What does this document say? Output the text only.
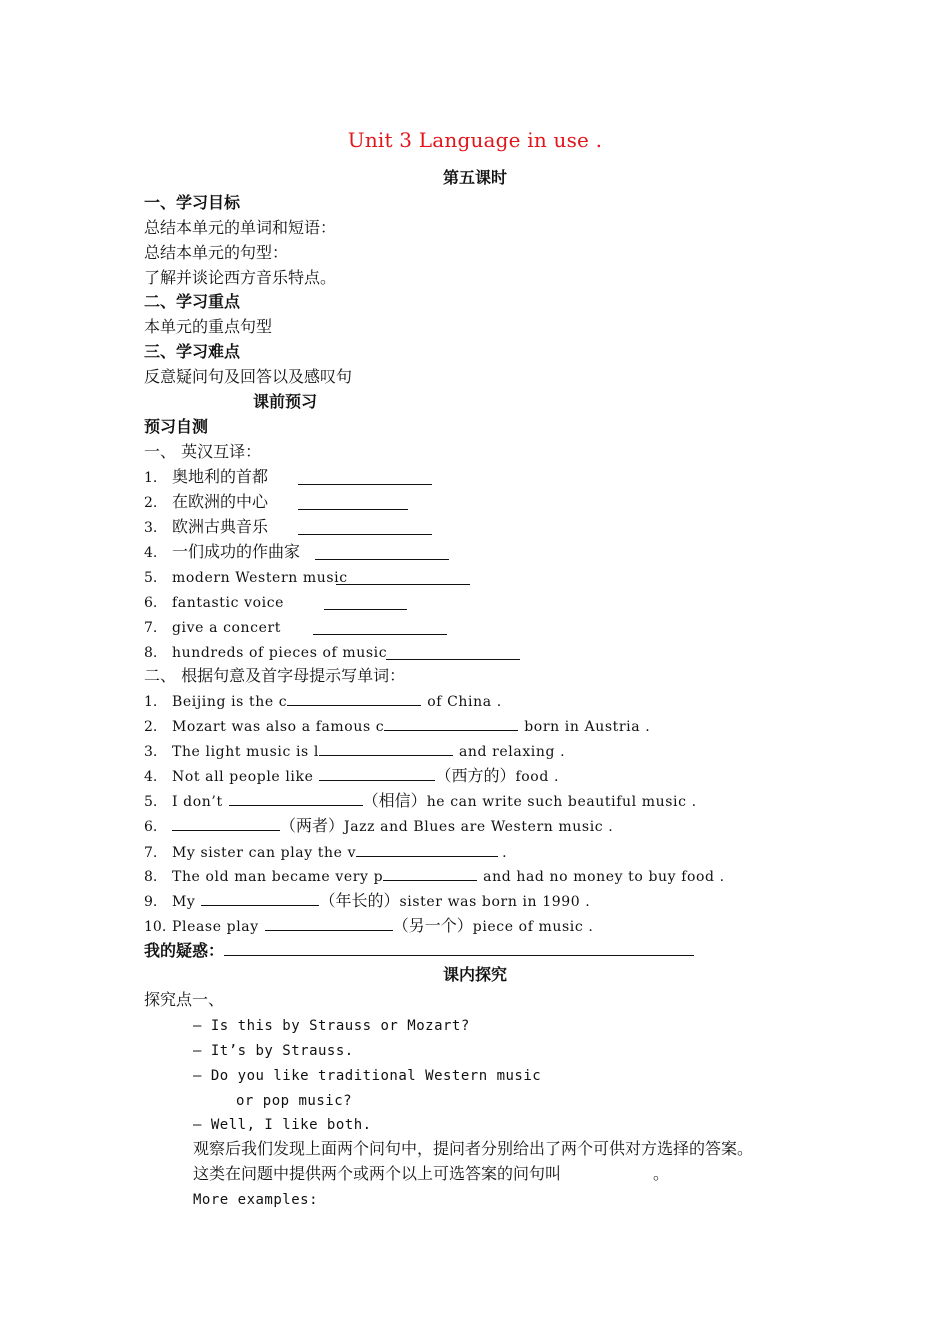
Unit 3 Language in use .
第五课时
一、学习目标
总结本单元的单词和短语：
总结本单元的句型：
了解并谈论西方音乐特点。
二、学习重点
本单元的重点句型
三、学习难点
反意疑问句及回答以及感叹句
课前预习
预习自测
一、 英汉互译：
1. 奥地利的首都
2. 在欧洲的中心
3. 欧洲古典音乐
4. 一们成功的作曲家
5. modern Western music
6. fantastic voice
7. give a concert
8. hundreds of pieces of music
二、 根据句意及首字母提示写单词：
1. Beijing is the c	of China .
2. Mozart was also a famous c	born in Austria .
3. The light music is l	and relaxing .
4. Not all people like	（西方的）food .
5. I don’t	（相信）he can write such beautiful music .
6.	（两者）Jazz and Blues are Western music .
7. My sister can play the v	.
8. The old man became very p	and had no money to buy food .
9. My	（年长的）sister was born in 1990 .
10. Please play	（另一个）piece of music .
我的疑惑：
课内探究
探究点一、
— Is this by Strauss or Mozart?
— It’s by Strauss.
— Do you like traditional Western music
or pop music?
— Well, I like both.
观察后我们发现上面两个问句中，提问者分别给出了两个可供对方选择的答案。
这类在问题中提供两个或两个以上可选答案的问句叫	。
More examples:
